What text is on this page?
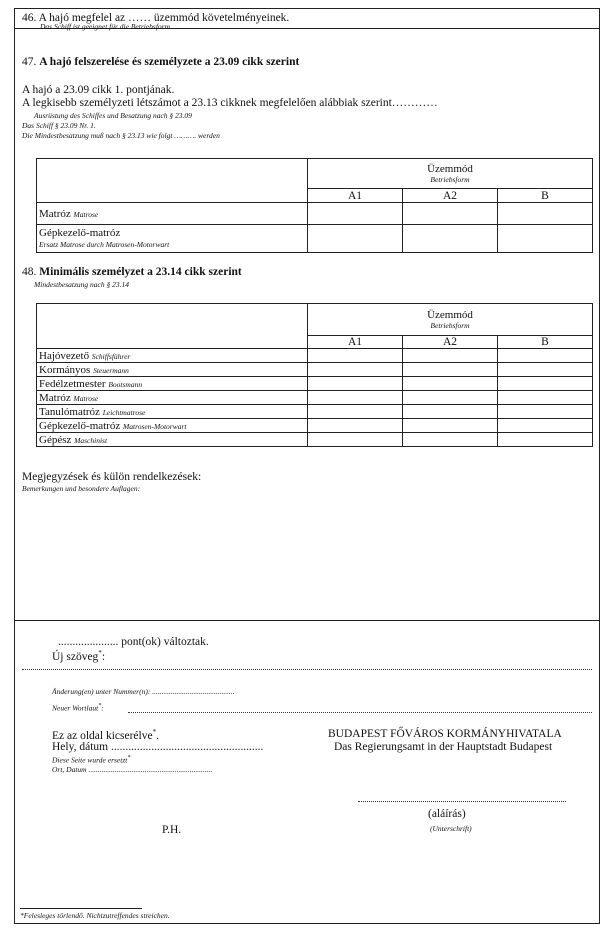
46. A hajó megfelel az …… üzemmód követelményeinek.
Das Schiff ist geeignet für die Betriebsform …….
47. A hajó felszerelése és személyzete a 23.09 cikk szerint
A hajó a 23.09 cikk 1. pontjának.
A legkisebb személyzeti létszámot a 23.13 cikknek megfelelően alábbiak szerint…………
Ausrüstung des Schiffes und Besatzung nach § 23.09
Das Schiff § 23.09 Nr. 1.
Die Mindestbesatzung muß nach § 23.13 wie folgt ………. werden

	Üzemmód
Betriebsform		

	A1	A2	B
Matróz Matrose			
Gépkezelő-matróz
Ersatz Matrose durch Matrosen-Motorwart			
48. Minimális személyzet a 23.14 cikk szerint
Mindestbesatzung nach § 23.14

	Üzemmód
Betriebsform		

	A1	A2	B
Hajóvezető Schiffsführer			
Kormányos Steuermann			
Fedélzetmester Bootsmann			
Matróz Matrose			
Tanulómatróz Leichtmatrose			
Gépkezelő-matróz Matrosen-Motorwart			
Gépész Maschinist			
Megjegyzések és külön rendelkezések:
Bemerkungen und besondere Auflagen:
..................... pont(ok) változtak.
Új szöveg*:
Änderung(en) unter Nummer(n): ............................................
Neuer Wortlaut*:
Ez az oldal kicserélve*.
Hely, dátum .....................................................
Diese Seite wurde ersetzt*
Ort, Datum ..................................................................
BUDAPEST FŐVÁROS KORMÁNYHIVATALA
Das Regierungsamt in der Hauptstadt Budapest
(aláírás)
(Unterschrift)
P.H.
*Felesleges törlendő. Nichtzutreffendes streichen.
